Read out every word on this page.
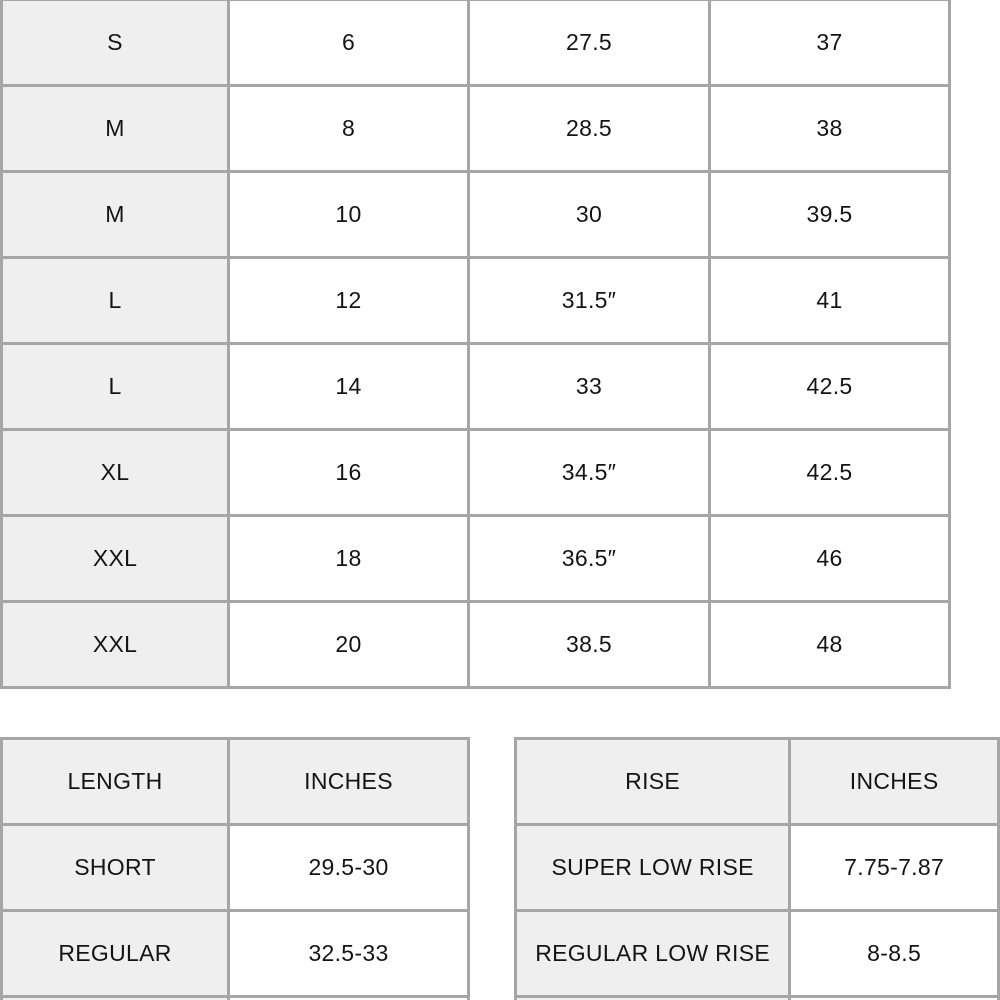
S	6	27.5	37
M	8	28.5	38
M	10	30	39.5
L	12	31.5″	41
L	14	33	42.5
XL	16	34.5″	42.5
XXL	18	36.5″	46
XXL	20	38.5	48
LENGTH	INCHES
SHORT	29.5-30
REGULAR	32.5-33

RISE	INCHES
SUPER LOW RISE	7.75-7.87
REGULAR LOW RISE	8-8.5
